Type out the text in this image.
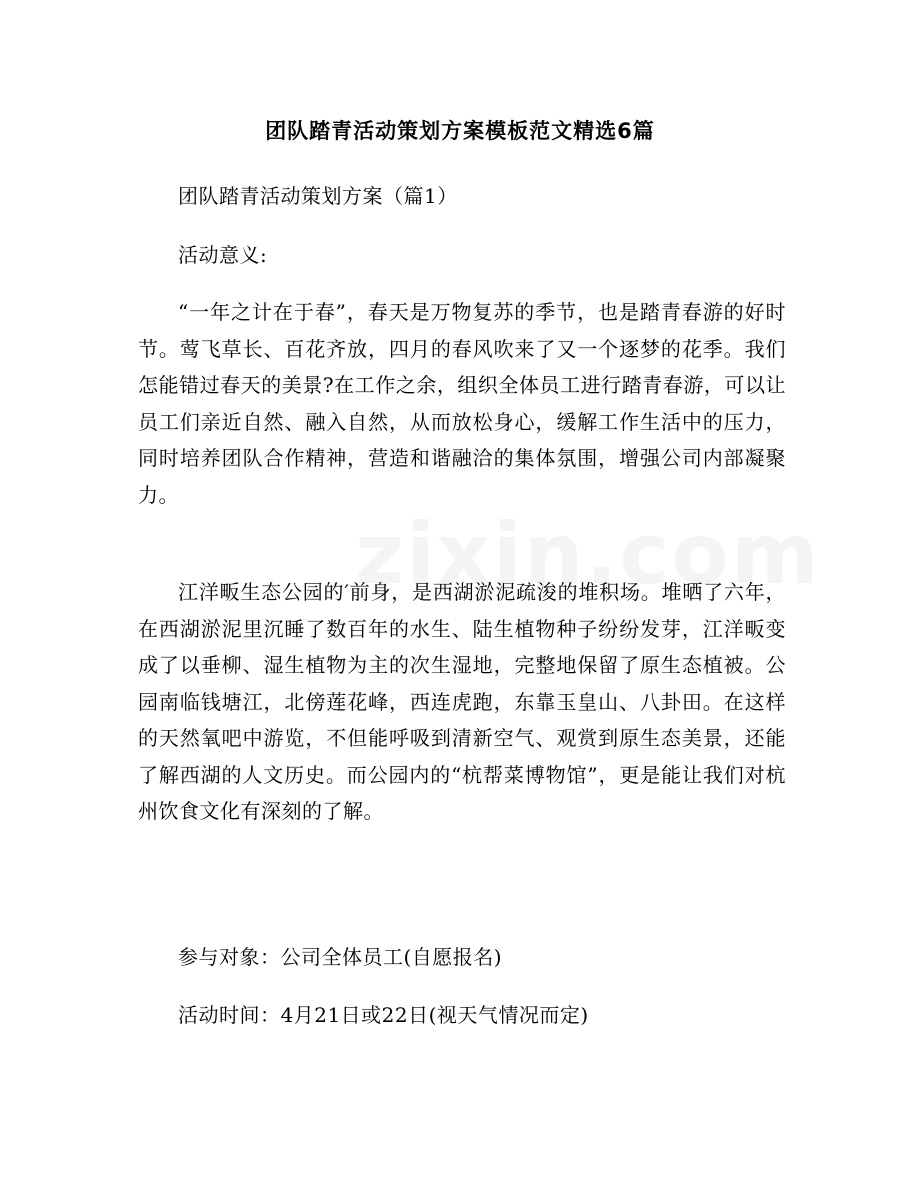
团队踏青活动策划方案模板范文精选6篇

团队踏青活动策划方案（篇1）

活动意义:

“一年之计在于春”，春天是万物复苏的季节，也是踏青春游的好时节。莺飞草长、百花齐放，四月的春风吹来了又一个逐梦的花季。我们怎能错过春天的美景?在工作之余，组织全体员工进行踏青春游，可以让员工们亲近自然、融入自然，从而放松身心，缓解工作生活中的压力，同时培养团队合作精神，营造和谐融洽的集体氛围，增强公司内部凝聚力。

江洋畈生态公园的′前身，是西湖淤泥疏浚的堆积场。堆晒了六年，在西湖淤泥里沉睡了数百年的水生、陆生植物种子纷纷发芽，江洋畈变成了以垂柳、湿生植物为主的次生湿地，完整地保留了原生态植被。公园南临钱塘江，北傍莲花峰，西连虎跑，东靠玉皇山、八卦田。在这样的天然氧吧中游览，不但能呼吸到清新空气、观赏到原生态美景，还能了解西湖的人文历史。而公园内的“杭帮菜博物馆”，更是能让我们对杭州饮食文化有深刻的了解。

参与对象：公司全体员工(自愿报名)

活动时间：4月21日或22日(视天气情况而定)
